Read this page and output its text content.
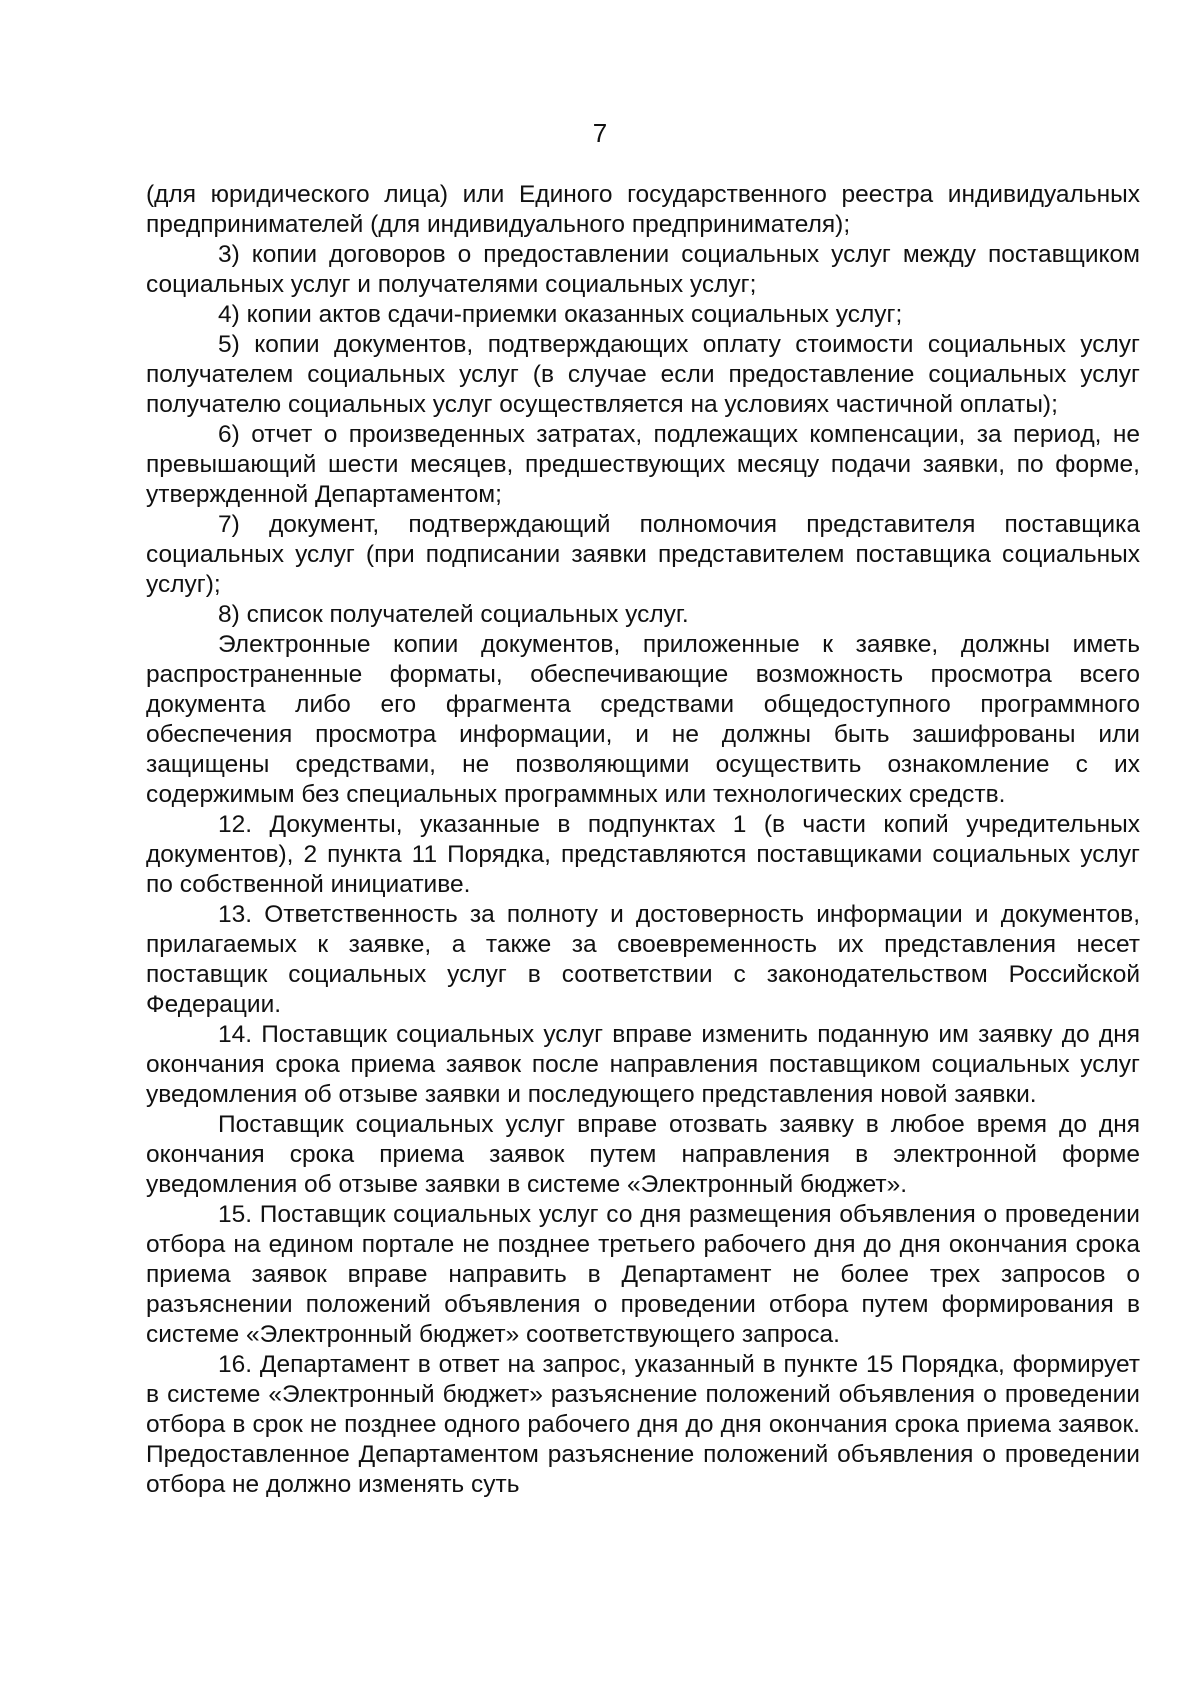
7

(для юридического лица) или Единого государственного реестра индивидуальных предпринимателей (для индивидуального предпринимателя);

3) копии договоров о предоставлении социальных услуг между поставщиком социальных услуг и получателями социальных услуг;

4) копии актов сдачи-приемки оказанных социальных услуг;

5) копии документов, подтверждающих оплату стоимости социальных услуг получателем социальных услуг (в случае если предоставление социальных услуг получателю социальных услуг осуществляется на условиях частичной оплаты);

6) отчет о произведенных затратах, подлежащих компенсации, за период, не превышающий шести месяцев, предшествующих месяцу подачи заявки, по форме, утвержденной Департаментом;

7) документ, подтверждающий полномочия представителя поставщика социальных услуг (при подписании заявки представителем поставщика социальных услуг);

8) список получателей социальных услуг.

Электронные копии документов, приложенные к заявке, должны иметь распространенные форматы, обеспечивающие возможность просмотра всего документа либо его фрагмента средствами общедоступного программного обеспечения просмотра информации, и не должны быть зашифрованы или защищены средствами, не позволяющими осуществить ознакомление с их содержимым без специальных программных или технологических средств.

12. Документы, указанные в подпунктах 1 (в части копий учредительных документов), 2 пункта 11 Порядка, представляются поставщиками социальных услуг по собственной инициативе.

13. Ответственность за полноту и достоверность информации и документов, прилагаемых к заявке, а также за своевременность их представления несет поставщик социальных услуг в соответствии с законодательством Российской Федерации.

14. Поставщик социальных услуг вправе изменить поданную им заявку до дня окончания срока приема заявок после направления поставщиком социальных услуг уведомления об отзыве заявки и последующего представления новой заявки.

Поставщик социальных услуг вправе отозвать заявку в любое время до дня окончания срока приема заявок путем направления в электронной форме уведомления об отзыве заявки в системе «Электронный бюджет».

15. Поставщик социальных услуг со дня размещения объявления о проведении отбора на едином портале не позднее третьего рабочего дня до дня окончания срока приема заявок вправе направить в Департамент не более трех запросов о разъяснении положений объявления о проведении отбора путем формирования в системе «Электронный бюджет» соответствующего запроса.

16. Департамент в ответ на запрос, указанный в пункте 15 Порядка, формирует в системе «Электронный бюджет» разъяснение положений объявления о проведении отбора в срок не позднее одного рабочего дня до дня окончания срока приема заявок. Предоставленное Департаментом разъяснение положений объявления о проведении отбора не должно изменять суть
